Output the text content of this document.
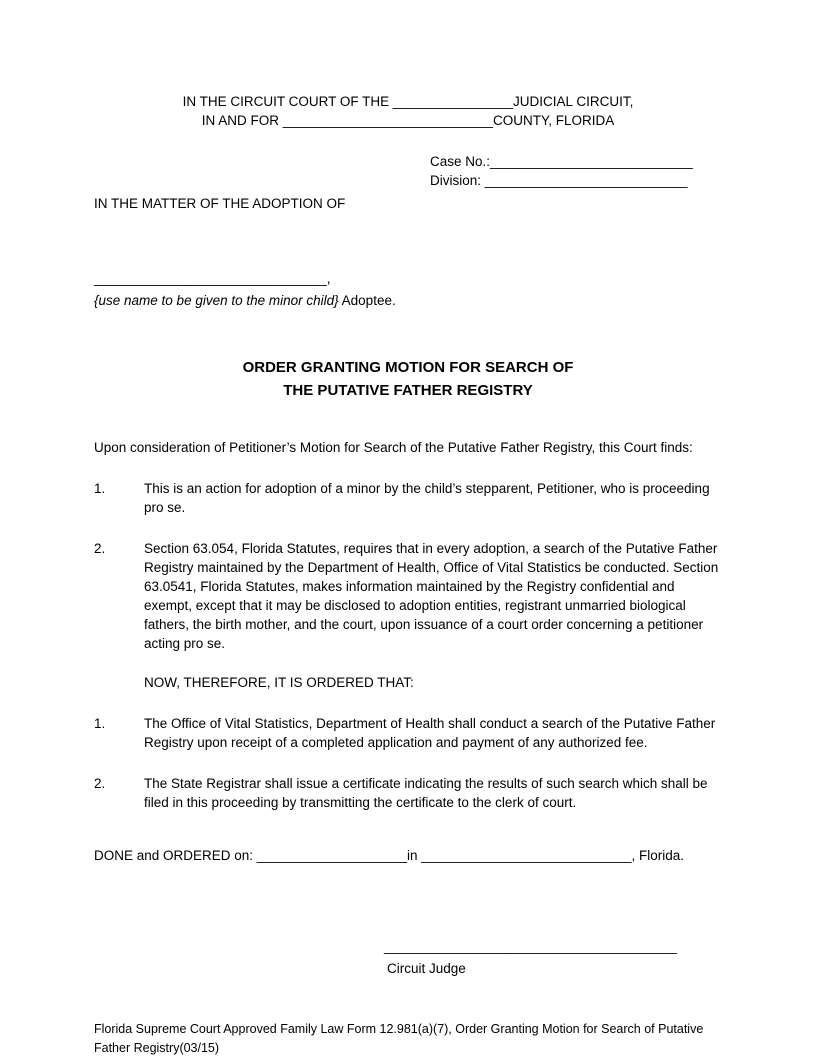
IN THE CIRCUIT COURT OF THE ________________JUDICIAL CIRCUIT,
IN AND FOR ____________________________COUNTY, FLORIDA
Case No.:___________________________
Division: ___________________________
IN THE MATTER OF THE ADOPTION OF
_______________________________,
{use name to be given to the minor child} Adoptee.
ORDER GRANTING MOTION FOR SEARCH OF
THE PUTATIVE FATHER REGISTRY
Upon consideration of Petitioner’s Motion for Search of the Putative Father Registry, this Court finds:
1.	This is an action for adoption of a minor by the child’s stepparent, Petitioner, who is proceeding pro se.
2.	Section 63.054, Florida Statutes, requires that in every adoption, a search of the Putative Father Registry maintained by the Department of Health, Office of Vital Statistics be conducted. Section 63.0541, Florida Statutes, makes information maintained by the Registry confidential and exempt, except that it may be disclosed to adoption entities, registrant unmarried biological fathers, the birth mother, and the court, upon issuance of a court order concerning a petitioner acting pro se.
NOW, THEREFORE, IT IS ORDERED THAT:
1.	The Office of Vital Statistics, Department of Health shall conduct a search of the Putative Father Registry upon receipt of a completed application and payment of any authorized fee.
2.	The State Registrar shall issue a certificate indicating the results of such search which shall be filed in this proceeding by transmitting the certificate to the clerk of court.
DONE and ORDERED on: ____________________in ____________________________, Florida.
_______________________________________
Circuit Judge
Florida Supreme Court Approved Family Law Form 12.981(a)(7), Order Granting Motion for Search of Putative
Father Registry(03/15)
